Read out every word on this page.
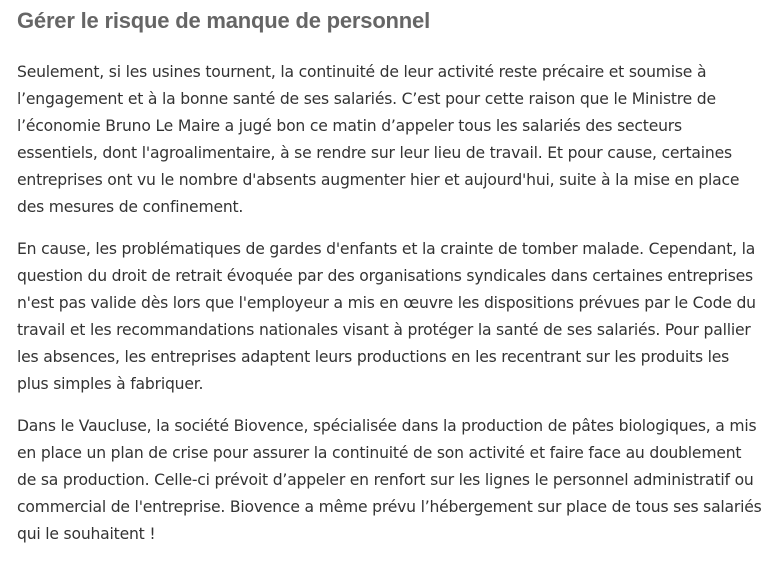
Gérer le risque de manque de personnel

Seulement, si les usines tournent, la continuité de leur activité reste précaire et soumise à l’engagement et à la bonne santé de ses salariés. C’est pour cette raison que le Ministre de l’économie Bruno Le Maire a jugé bon ce matin d’appeler tous les salariés des secteurs essentiels, dont l'agroalimentaire, à se rendre sur leur lieu de travail. Et pour cause, certaines entreprises ont vu le nombre d'absents augmenter hier et aujourd'hui, suite à la mise en place des mesures de confinement.

En cause, les problématiques de gardes d'enfants et la crainte de tomber malade. Cependant, la question du droit de retrait évoquée par des organisations syndicales dans certaines entreprises n'est pas valide dès lors que l'employeur a mis en œuvre les dispositions prévues par le Code du travail et les recommandations nationales visant à protéger la santé de ses salariés. Pour pallier les absences, les entreprises adaptent leurs productions en les recentrant sur les produits les plus simples à fabriquer.

Dans le Vaucluse, la société Biovence, spécialisée dans la production de pâtes biologiques, a mis en place un plan de crise pour assurer la continuité de son activité et faire face au doublement de sa production. Celle-ci prévoit d’appeler en renfort sur les lignes le personnel administratif ou commercial de l'entreprise. Biovence a même prévu l’hébergement sur place de tous ses salariés qui le souhaitent !
